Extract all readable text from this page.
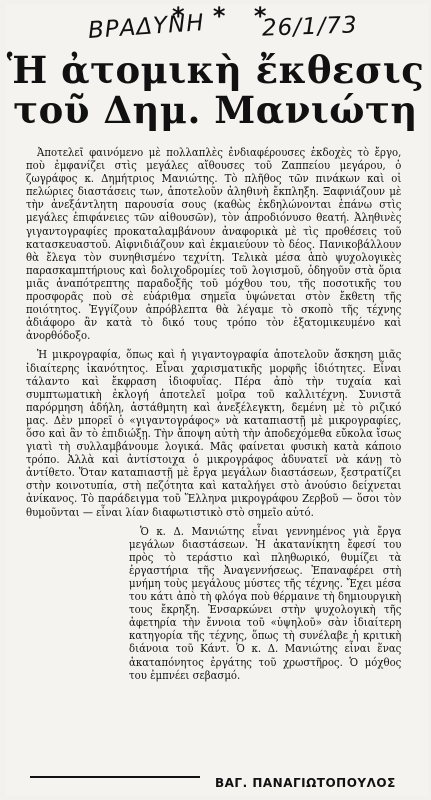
* * *
ΒΡΑΔΥΝΗ 26/1/73
Ἡ ἀτομικὴ ἔκθεσις
τοῦ Δημ. Μανιώτη

Ἀποτελεῖ φαινόμενο μὲ πολλαπλὲς ἐνδιαφέρουσες ἐκδοχὲς τὸ ἔργο, ποὺ ἐμφανίζει στὶς μεγάλες αἴθουσες τοῦ Ζαππείου μεγάρου, ὁ ζωγράφος κ. Δημήτριος Μανιώτης. Τὸ πλῆθος τῶν πινάκων καὶ οἱ πελώριες διαστάσεις των, ἀποτελοῦν ἀληθινὴ ἔκπληξη. Ξαφνιάζουν μὲ τὴν ἀνεξάντλητη παρουσία σους (καθὼς ἐκδηλώνονται ἐπάνω στὶς μεγάλες ἐπιφάνειες τῶν αἰθουσῶν), τὸν ἀπροδιόνυσο θεατή. Ἀληθινὲς γιγαντογραφίες προκαταλαμβάνουν ἀναφορικὰ μὲ τὶς προθέσεις τοῦ κατασκευαστοῦ. Αἰφνιδιάζουν καὶ ἐκμαιεύουν τὸ δέος. Πανικοβάλλουν θὰ ἔλεγα τὸν συνηθισμένο τεχνίτη. Τελικὰ μέσα ἀπὸ ψυχολογικὲς παρασκαμπτήριους καὶ δολιχοδρομίες τοῦ λογισμοῦ, ὁδηγοῦν στὰ ὅρια μιᾶς ἀναπότρεπτης παραδοξῆς τοῦ μόχθου του, τῆς ποσοτικῆς του προσφορᾶς ποὺ σὲ εὐάριθμα σημεῖα ὑψώνεται στὸν ἔκθετη τῆς ποιότητος. Ἐγγίζουν ἀπρόβλεπτα θὰ λέγαμε τὸ σκοπὸ τῆς τέχνης ἀδιάφορο ἂν κατὰ τὸ δικό τους τρόπο τὸν ἐξατομικευμένο καὶ ἀνορθόδοξο.

Ἡ μικρογραφία, ὅπως καὶ ἡ γιγαντογραφία ἀποτελοῦν ἄσκηση μιᾶς ἰδιαίτερης ἱκανότητος. Εἶναι χαρισματικῆς μορφῆς ἰδιότητες. Εἶναι τάλαντο καὶ ἔκφραση ἰδιοφυΐας. Πέρα ἀπὸ τὴν τυχαία καὶ συμπτωματικὴ ἐκλογή ἀποτελεῖ μοῖρα τοῦ καλλιτέχνη. Συνιστᾶ παρόρμηση ἀδήλη, ἀστάθμητη καὶ ἀνεξέλεγκτη, δεμένη μὲ τὸ ριζικό μας. Δὲν μπορεῖ ὁ «γιγαντογράφος» νὰ καταπιαστῇ μὲ μικρογραφίες, ὅσο καὶ ἂν τὸ ἐπιδιώξῃ. Τὴν ἄποψη αὐτὴ τὴν ἀποδεχόμεθα εὔκολα ἴσως γιατὶ τὴ συλλαμβάνουμε λογικά. Μᾶς φαίνεται φυσικὴ κατὰ κάποιο τρόπο. Ἀλλὰ καὶ ἀντίστοιχα ὁ μικρογράφος ἀδυνατεῖ νὰ κάνῃ τὸ ἀντίθετο. Ὅταν καταπιαστῇ μὲ ἔργα μεγάλων διαστάσεων, ξεστρατίζει στὴν κοινοτυπία, στὴ πεζότητα καὶ καταλήγει στὸ ἀνούσιο δείχνεται ἀνίκανος. Τὸ παράδειγμα τοῦ Ἕλληνα μικρογράφου Ζερβοῦ — ὅσοι τὸν θυμοῦνται — εἶναι λίαν διαφωτιστικὸ στὸ σημεῖο αὐτό.

Ὁ κ. Δ. Μανιώτης εἶναι γεννημένος γιὰ ἔργα μεγάλων διαστάσεων. Ἡ ἀκατανίκητη ἔφεσί του πρὸς τὸ τεράστιο καὶ πληθωρικό, θυμίζει τὰ ἐργαστήρια τῆς Ἀναγεννήσεως. Ἐπαναφέρει στὴ μνήμη τοὺς μεγάλους μύστες τῆς τέχνης. Ἔχει μέσα του κάτι ἀπὸ τὴ φλόγα ποὺ θέρμαινε τὴ δημιουργικὴ τους ἔκρηξη. Ἐνσαρκώνει στὴν ψυχολογικὴ τῆς ἀφετηρία τὴν ἔννοια τοῦ «ὑψηλοῦ» σὰν ἰδιαίτερη κατηγορία τῆς τέχνης, ὅπως τὴ συνέλαβε ἡ κριτικὴ διάνοια τοῦ Κάντ. Ὁ κ. Δ. Μανιώτης εἶναι ἕνας ἀκαταπόνητος ἐργάτης τοῦ χρωστῆρος. Ὁ μόχθος του ἐμπνέει σεβασμό.

ΒΑΓ. ΠΑΝΑΓΙΩΤΟΠΟΥΛΟΣ
